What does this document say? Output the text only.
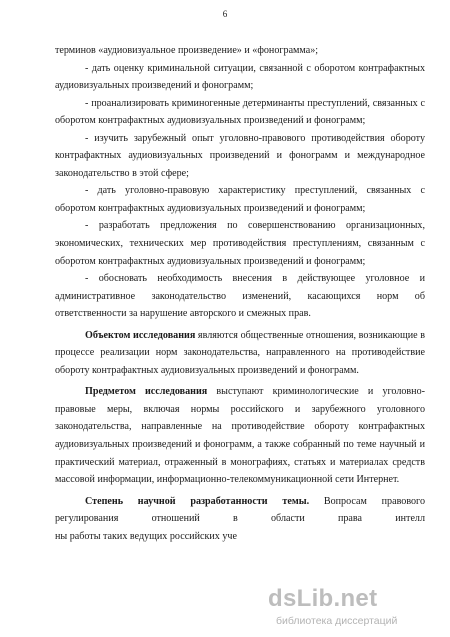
6
терминов «аудиовизуальное произведение» и «фонограмма»;
- дать оценку криминальной ситуации, связанной с оборотом контрафактных аудиовизуальных произведений и фонограмм;
- проанализировать криминогенные детерминанты преступлений, связанных с оборотом контрафактных аудиовизуальных произведений и фонограмм;
- изучить зарубежный опыт уголовно-правового противодействия обороту контрафактных аудиовизуальных произведений и фонограмм и международное законодательство в этой сфере;
- дать уголовно-правовую характеристику преступлений, связанных с оборотом контрафактных аудиовизуальных произведений и фонограмм;
- разработать предложения по совершенствованию организационных, экономических, технических мер противодействия преступлениям, связанным с оборотом контрафактных аудиовизуальных произведений и фонограмм;
- обосновать необходимость внесения в действующее уголовное и административное законодательство изменений, касающихся норм об ответственности за нарушение авторского и смежных прав.
Объектом исследования являются общественные отношения, возникающие в процессе реализации норм законодательства, направленного на противодействие обороту контрафактных аудиовизуальных произведений и фонограмм.
Предметом исследования выступают криминологические и уголовно-правовые меры, включая нормы российского и зарубежного уголовного законодательства, направленные на противодействие обороту контрафактных аудиовизуальных произведений и фонограмм, а также собранный по теме научный и практический материал, отраженный в монографиях, статьях и материалах средств массовой информации, информационно-телекоммуникационной сети Интернет.
Степень научной разработанности темы. Вопросам правового регулирования отношений в области права интелл
ны работы таких ведущих российских уче
dsLib.net
библиотека диссертаций
